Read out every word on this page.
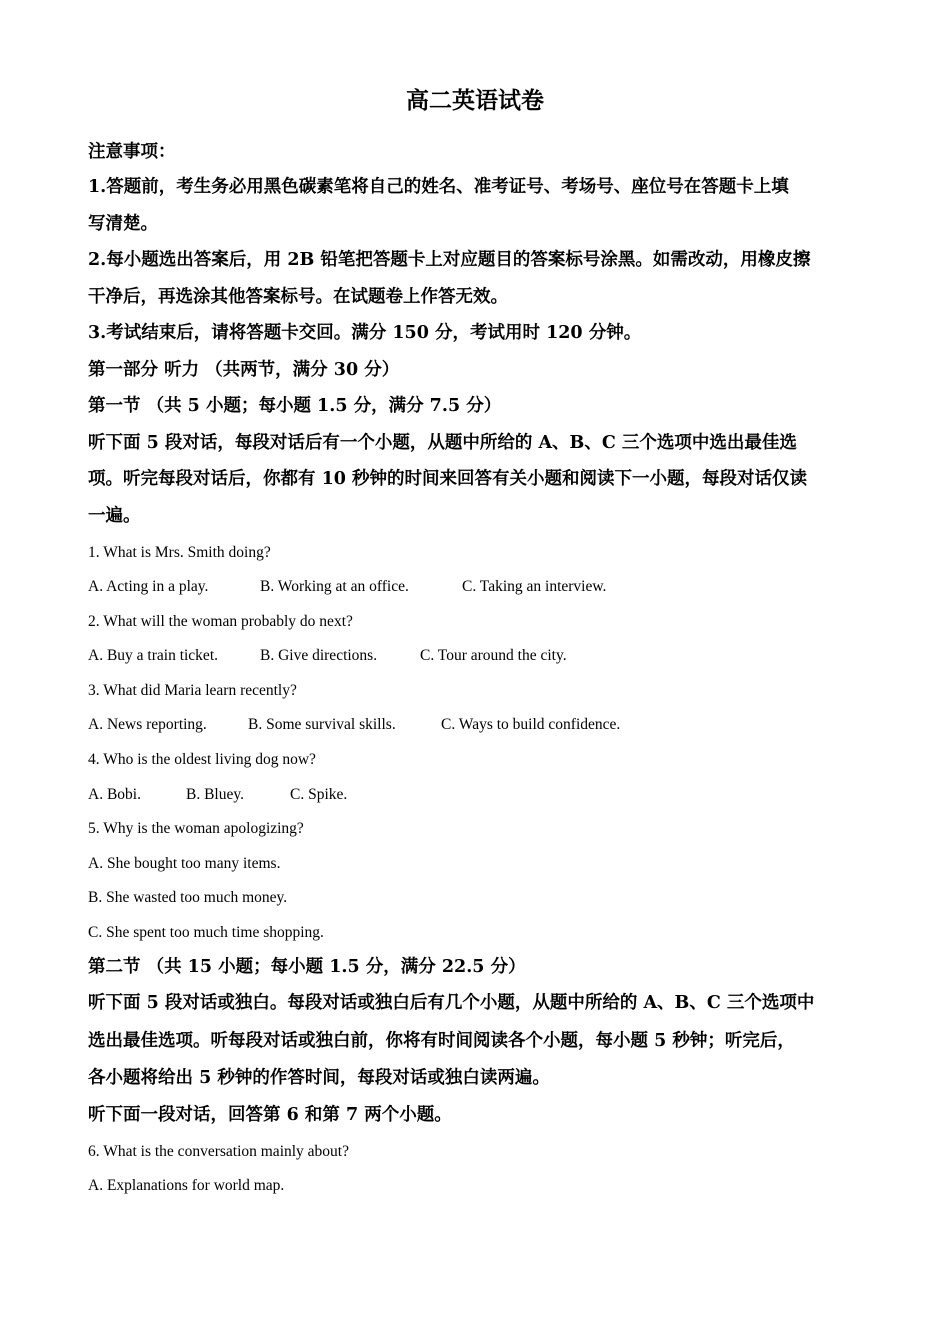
高二英语试卷
注意事项：
1.答题前，考生务必用黑色碳素笔将自己的姓名、准考证号、考场号、座位号在答题卡上填
写清楚。
2.每小题选出答案后，用 2B 铅笔把答题卡上对应题目的答案标号涂黑。如需改动，用橡皮擦
干净后，再选涂其他答案标号。在试题卷上作答无效。
3.考试结束后，请将答题卡交回。满分 150 分，考试用时 120 分钟。
第一部分 听力 （共两节，满分 30 分）
第一节 （共 5 小题；每小题 1.5 分，满分 7.5 分）
听下面 5 段对话，每段对话后有一个小题，从题中所给的 A、B、C 三个选项中选出最佳选
项。听完每段对话后，你都有 10 秒钟的时间来回答有关小题和阅读下一小题，每段对话仅读
一遍。
1. What is Mrs. Smith doing?
A. Acting in a play.	B. Working at an office.	C. Taking an interview.
2. What will the woman probably do next?
A. Buy a train ticket.	B. Give directions.	C. Tour around the city.
3. What did Maria learn recently?
A. News reporting.	B. Some survival skills.	C. Ways to build confidence.
4. Who is the oldest living dog now?
A. Bobi.	B. Bluey.	C. Spike.
5. Why is the woman apologizing?
A. She bought too many items.
B. She wasted too much money.
C. She spent too much time shopping.
第二节 （共 15 小题；每小题 1.5 分，满分 22.5 分）
听下面 5 段对话或独白。每段对话或独白后有几个小题，从题中所给的 A、B、C 三个选项中
选出最佳选项。听每段对话或独白前，你将有时间阅读各个小题，每小题 5 秒钟；听完后，
各小题将给出 5 秒钟的作答时间，每段对话或独白读两遍。
听下面一段对话，回答第 6 和第 7 两个小题。
6. What is the conversation mainly about?
A. Explanations for world map.
